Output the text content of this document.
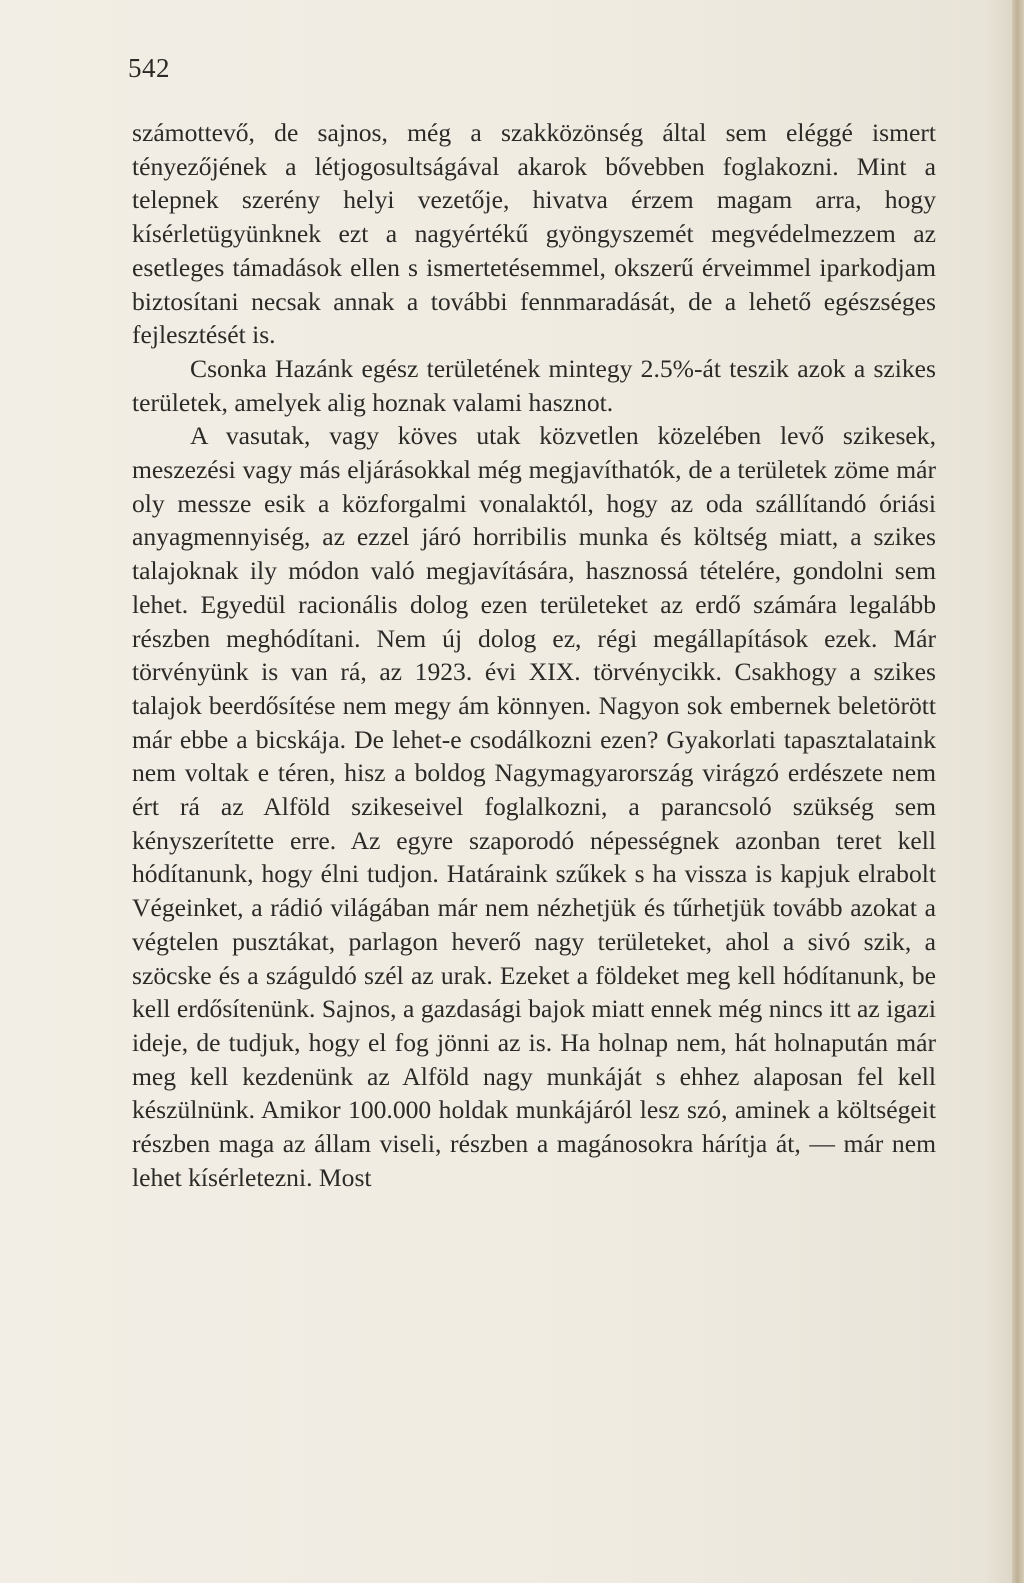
542

számottevő, de sajnos, még a szakközönség által sem eléggé ismert tényezőjének a létjogosultságával akarok bővebben foglakozni. Mint a telepnek szerény helyi vezetője, hivatva érzem magam arra, hogy kísérletügyünknek ezt a nagyértékű gyöngyszemét megvédelmezzem az esetleges támadások ellen s ismertetésemmel, okszerű érveimmel iparkodjam biztosítani necsak annak a további fennmaradását, de a lehető egészséges fejlesztését is.

Csonka Hazánk egész területének mintegy 2.5%-át teszik azok a szikes területek, amelyek alig hoznak valami hasznot.

A vasutak, vagy köves utak közvetlen közelében levő szikesek, meszezési vagy más eljárásokkal még megjavíthatók, de a területek zöme már oly messze esik a közforgalmi vonalaktól, hogy az oda szállítandó óriási anyagmennyiség, az ezzel járó horribilis munka és költség miatt, a szikes talajoknak ily módon való megjavítására, hasznossá tételére, gondolni sem lehet. Egyedül racionális dolog ezen területeket az erdő számára legalább részben meghódítani. Nem új dolog ez, régi megállapítások ezek. Már törvényünk is van rá, az 1923. évi XIX. törvénycikk. Csakhogy a szikes talajok beerdősítése nem megy ám könnyen. Nagyon sok embernek beletörött már ebbe a bicskája. De lehet-e csodálkozni ezen? Gyakorlati tapasztalataink nem voltak e téren, hisz a boldog Nagymagyarország virágzó erdészete nem ért rá az Alföld szikeseivel foglalkozni, a parancsoló szükség sem kényszerítette erre. Az egyre szaporodó népességnek azonban teret kell hódítanunk, hogy élni tudjon. Határaink szűkek s ha vissza is kapjuk elrabolt Végeinket, a rádió világában már nem nézhetjük és tűrhetjük tovább azokat a végtelen pusztákat, parlagon heverő nagy területeket, ahol a sivó szik, a szöcske és a száguldó szél az urak. Ezeket a földeket meg kell hódítanunk, be kell erdősítenünk. Sajnos, a gazdasági bajok miatt ennek még nincs itt az igazi ideje, de tudjuk, hogy el fog jönni az is. Ha holnap nem, hát holnapután már meg kell kezdenünk az Alföld nagy munkáját s ehhez alaposan fel kell készülnünk. Amikor 100.000 holdak munkájáról lesz szó, aminek a költségeit részben maga az állam viseli, részben a magánosokra hárítja át, — már nem lehet kísérletezni. Most
